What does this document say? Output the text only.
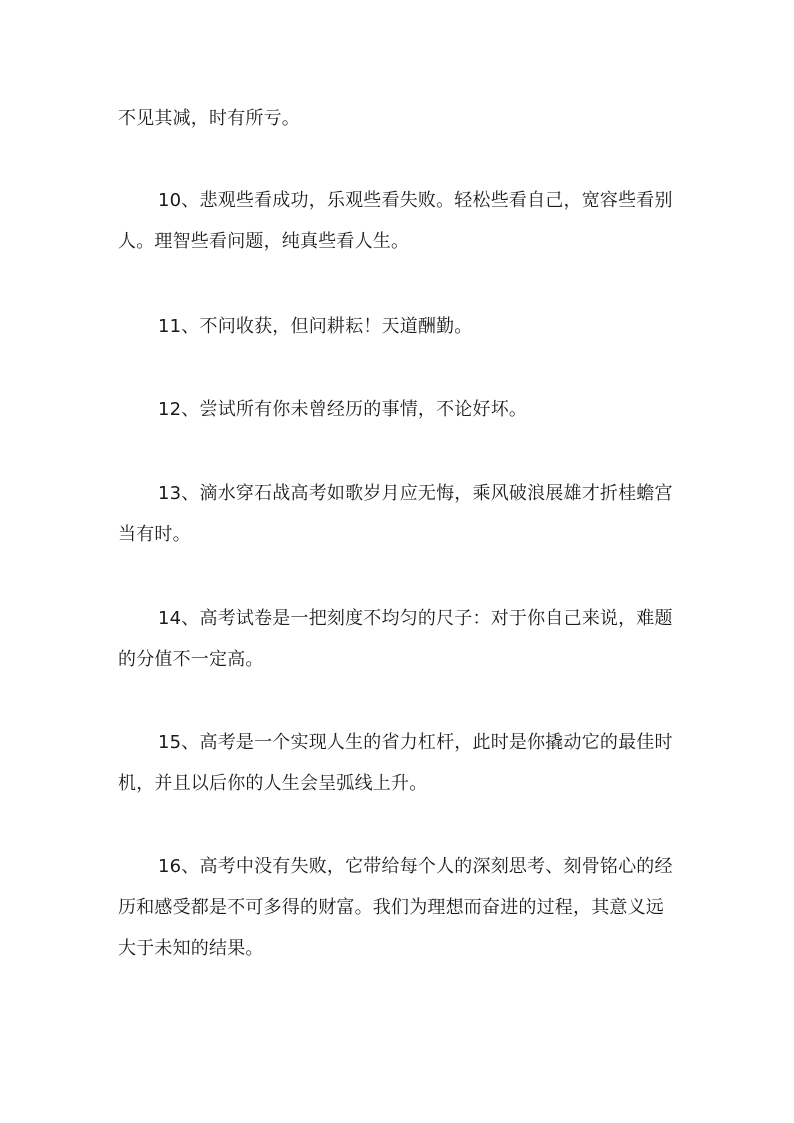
不见其减，时有所亏。

10、悲观些看成功，乐观些看失败。轻松些看自己，宽容些看别人。理智些看问题，纯真些看人生。

11、不问收获，但问耕耘！天道酬勤。

12、尝试所有你未曾经历的事情，不论好坏。

13、滴水穿石战高考如歌岁月应无悔，乘风破浪展雄才折桂蟾宫当有时。

14、高考试卷是一把刻度不均匀的尺子：对于你自己来说，难题的分值不一定高。

15、高考是一个实现人生的省力杠杆，此时是你撬动它的最佳时机，并且以后你的人生会呈弧线上升。

16、高考中没有失败，它带给每个人的深刻思考、刻骨铭心的经历和感受都是不可多得的财富。我们为理想而奋进的过程，其意义远大于未知的结果。
